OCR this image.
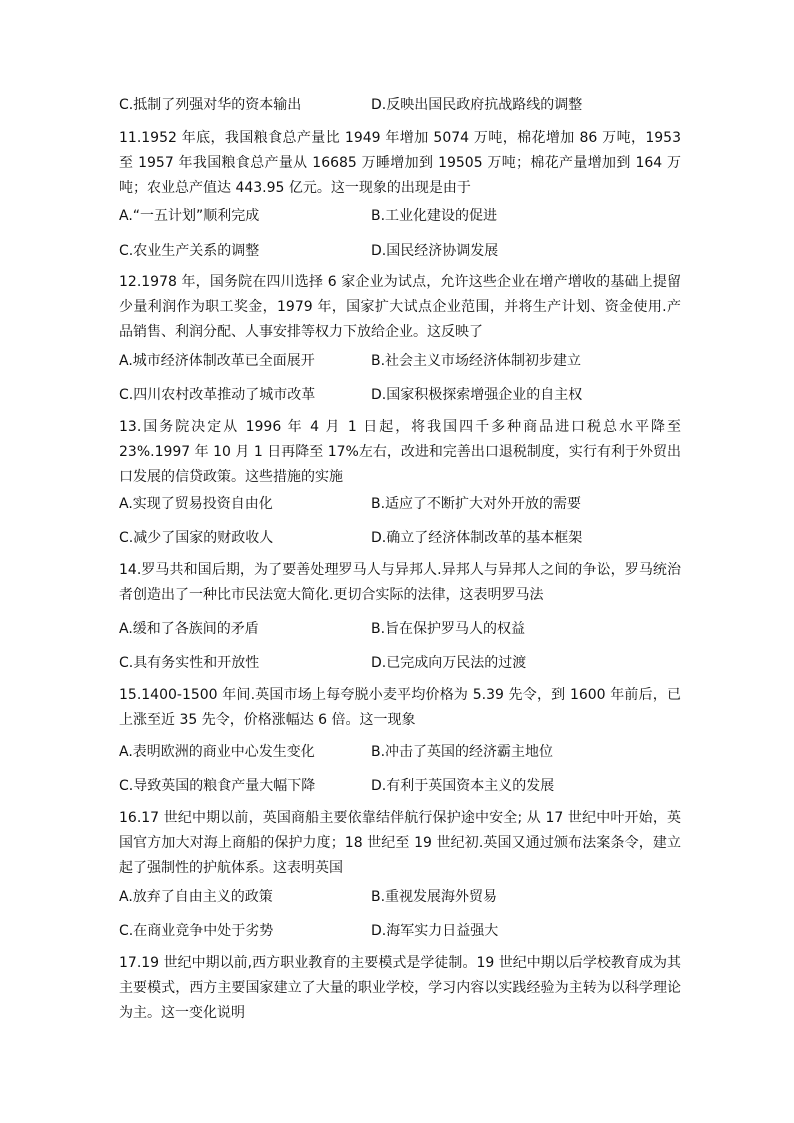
C.抵制了列强对华的资本输出	D.反映出国民政府抗战路线的调整
11.1952 年底，我国粮食总产量比 1949 年增加 5074 万吨，棉花增加 86 万吨，1953 至 1957 年我国粮食总产量从 16685 万睡增加到 19505 万吨；棉花产量增加到 164 万吨；农业总产值达 443.95 亿元。这一现象的出现是由于
A.“一五计划”顺利完成	B.工业化建设的促进
C.农业生产关系的调整	D.国民经济协调发展
12.1978 年，国务院在四川选择 6 家企业为试点，允许这些企业在增产增收的基础上提留少量利润作为职工奖金，1979 年，国家扩大试点企业范围，并将生产计划、资金使用.产品销售、利润分配、人事安排等权力下放给企业。这反映了
A.城市经济体制改革已全面展开	B.社会主义市场经济体制初步建立
C.四川农村改革推动了城市改革	D.国家积极探索增强企业的自主权
13.国务院决定从 1996 年 4 月 1 日起，将我国四千多种商品进口税总水平降至 23%.1997 年 10 月 1 日再降至 17%左右，改进和完善出口退税制度，实行有利于外贸出口发展的信贷政策。这些措施的实施
A.实现了贸易投资自由化	B.适应了不断扩大对外开放的需要
C.减少了国家的财政收人	D.确立了经济体制改革的基本框架
14.罗马共和国后期，为了要善处理罗马人与异邦人.异邦人与异邦人之间的争讼，罗马统治者创造出了一种比市民法宽大简化.更切合实际的法律，这表明罗马法
A.缓和了各族间的矛盾	B.旨在保护罗马人的权益
C.具有务实性和开放性	D.已完成向万民法的过渡
15.1400-1500 年间.英国市场上每夸脱小麦平均价格为 5.39 先令，到 1600 年前后，已上涨至近 35 先令，价格涨幅达 6 倍。这一现象
A.表明欧洲的商业中心发生变化	B.冲击了英国的经济霸主地位
C.导致英国的粮食产量大幅下降	D.有利于英国资本主义的发展
16.17 世纪中期以前，英国商船主要依靠结伴航行保护途中安全; 从 17 世纪中叶开始，英国官方加大对海上商船的保护力度；18 世纪至 19 世纪初.英国又通过颁布法案条令，建立起了强制性的护航体系。这表明英国
A.放弃了自由主义的政策	B.重视发展海外贸易
C.在商业竞争中处于劣势	D.海军实力日益强大
17.19 世纪中期以前,西方职业教育的主要模式是学徒制。19 世纪中期以后学校教育成为其主要模式，西方主要国家建立了大量的职业学校，学习内容以实践经验为主转为以科学理论为主。这一变化说明
